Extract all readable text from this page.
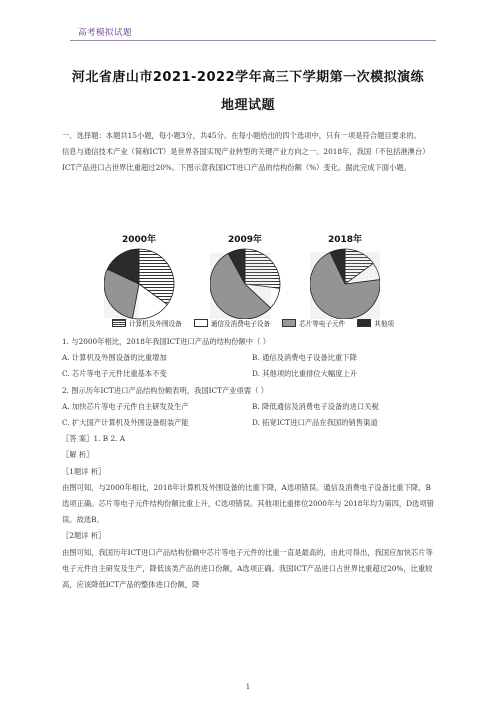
高考模拟试题
河北省唐山市2021-2022学年高三下学期第一次模拟演练
地理试题

一、选择题：本题共15小题，每小题3分，共45分。在每小题给出的四个选项中，只有一项是符合题目要求的。

信息与通信技术产业（简称ICT）是世界各国实现产业转型的关键产业方向之一。2018年，我国（不包括港澳台）ICT产品进口占世界比重超过20%。下图示意我国ICT进口产品的结构份额（%）变化。据此完成下面小题。

2000年	2009年	2018年
计算机及外围设备	通信及消费电子设备	芯片等电子元件	其他项

1. 与2000年相比，2018年我国ICT进口产品的结构份额中（ ）

A. 计算机及外围设备的比重增加	B. 通信及消费电子设备比重下降
C. 芯片等电子元件比重基本不变	D. 其他项的比重排位大幅度上升

2. 图示历年ICT进口产品结构份额表明，我国ICT产业亟需（ ）

A. 加快芯片等电子元件自主研发及生产	B. 降低通信及消费电子设备的进口关税
C. 扩大国产计算机及外围设备组装产能	D. 拓宽ICT进口产品在我国的销售渠道

〖答 案〗1. B 2. A

〖解 析〗

〖1题详 析〗

由图可知，与2000年相比，2018年计算机及外围设备的比重下降，A选项错误。通信及消费电子设备比重下降，B选项正确。芯片等电子元件结构份额比重上升，C选项错误。其他项比重排位2000年与 2018年均为第四，D选项错误。故选B。

〖2题详 析〗

由图可知，我国历年ICT进口产品结构份额中芯片等电子元件的比重一直是最高的，由此可得出，我国应加快芯片等电子元件自主研发及生产，降低该类产品的进口份额，A选项正确。我国ICT产品进口占世界比重超过20%，比重较高，应该降低ICT产品的整体进口份额，降

1
